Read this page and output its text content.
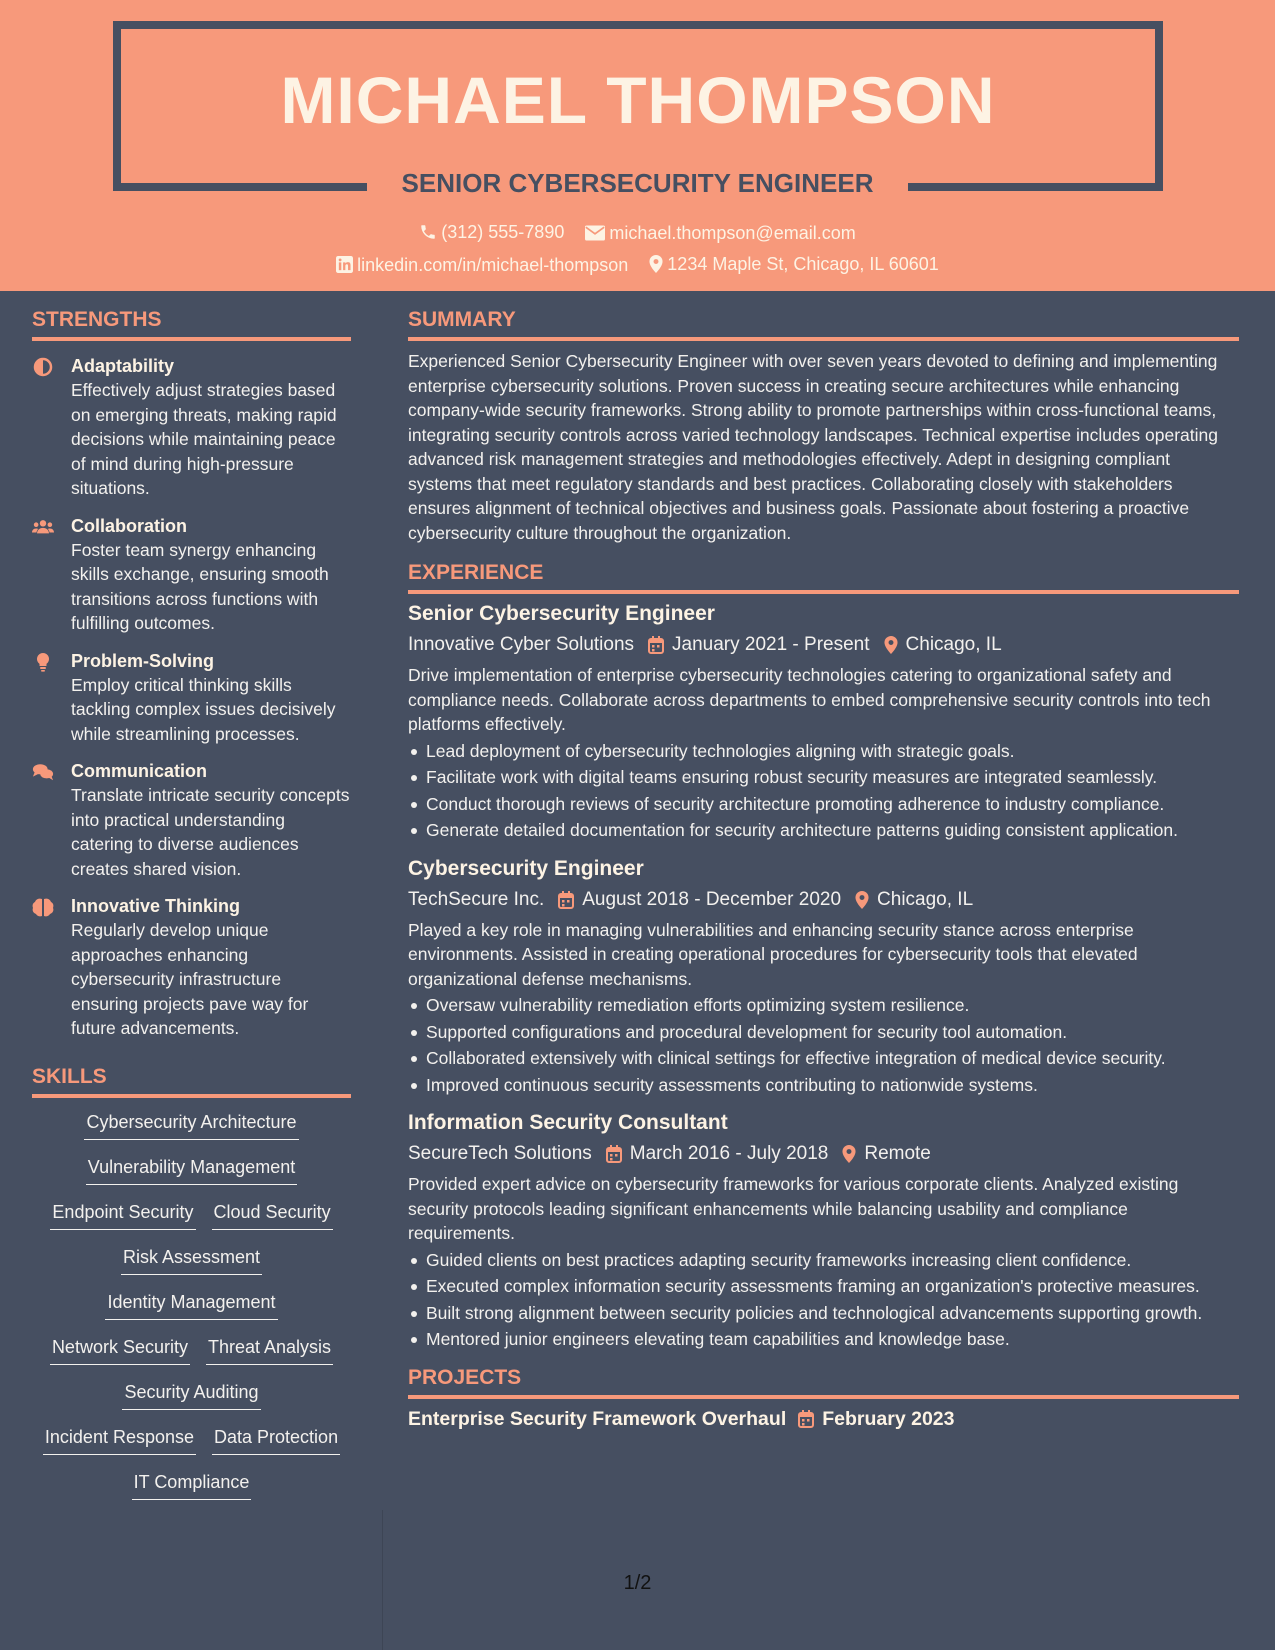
MICHAEL THOMPSON
SENIOR CYBERSECURITY ENGINEER
(312) 555-7890
	michael.thompson@email.com
linkedin.com/in/michael-thompson
1234 Maple St, Chicago, IL 60601
STRENGTHS
Adaptability

Effectively adjust strategies based on emerging threats, making rapid decisions while maintaining peace of mind during high-pressure situations.

Collaboration

Foster team synergy enhancing skills exchange, ensuring smooth transitions across functions with fulfilling outcomes.

Problem-Solving

Employ critical thinking skills tackling complex issues decisively while streamlining processes.

Communication

Translate intricate security concepts into practical understanding catering to diverse audiences creates shared vision.

Innovative Thinking

Regularly develop unique approaches enhancing cybersecurity infrastructure ensuring projects pave way for future advancements.

SKILLS
Cybersecurity Architecture
Vulnerability Management
Endpoint Security Cloud Security
Risk Assessment
Identity Management
Network Security Threat Analysis
Security Auditing
Incident Response Data Protection
IT Compliance
SUMMARY

Experienced Senior Cybersecurity Engineer with over seven years devoted to defining and implementing enterprise cybersecurity solutions. Proven success in creating secure architectures while enhancing company-wide security frameworks. Strong ability to promote partnerships within cross-functional teams, integrating security controls across varied technology landscapes. Technical expertise includes operating advanced risk management strategies and methodologies effectively. Adept in designing compliant systems that meet regulatory standards and best practices. Collaborating closely with stakeholders ensures alignment of technical objectives and business goals. Passionate about fostering a proactive cybersecurity culture throughout the organization.

EXPERIENCE
Senior Cybersecurity Engineer
Innovative Cyber Solutions January 2021 - Present Chicago, IL

Drive implementation of enterprise cybersecurity technologies catering to organizational safety and compliance needs. Collaborate across departments to embed comprehensive security controls into tech platforms effectively.

Lead deployment of cybersecurity technologies aligning with strategic goals.
Facilitate work with digital teams ensuring robust security measures are integrated seamlessly.
Conduct thorough reviews of security architecture promoting adherence to industry compliance.
Generate detailed documentation for security architecture patterns guiding consistent application.
Cybersecurity Engineer
TechSecure Inc. August 2018 - December 2020 Chicago, IL

Played a key role in managing vulnerabilities and enhancing security stance across enterprise environments. Assisted in creating operational procedures for cybersecurity tools that elevated organizational defense mechanisms.

Oversaw vulnerability remediation efforts optimizing system resilience.
Supported configurations and procedural development for security tool automation.
Collaborated extensively with clinical settings for effective integration of medical device security.
Improved continuous security assessments contributing to nationwide systems.
Information Security Consultant
SecureTech Solutions March 2016 - July 2018 Remote

Provided expert advice on cybersecurity frameworks for various corporate clients. Analyzed existing security protocols leading significant enhancements while balancing usability and compliance requirements.

Guided clients on best practices adapting security frameworks increasing client confidence.
Executed complex information security assessments framing an organization's protective measures.
Built strong alignment between security policies and technological advancements supporting growth.
Mentored junior engineers elevating team capabilities and knowledge base.
PROJECTS
Enterprise Security Framework Overhaul February 2023
1/2
